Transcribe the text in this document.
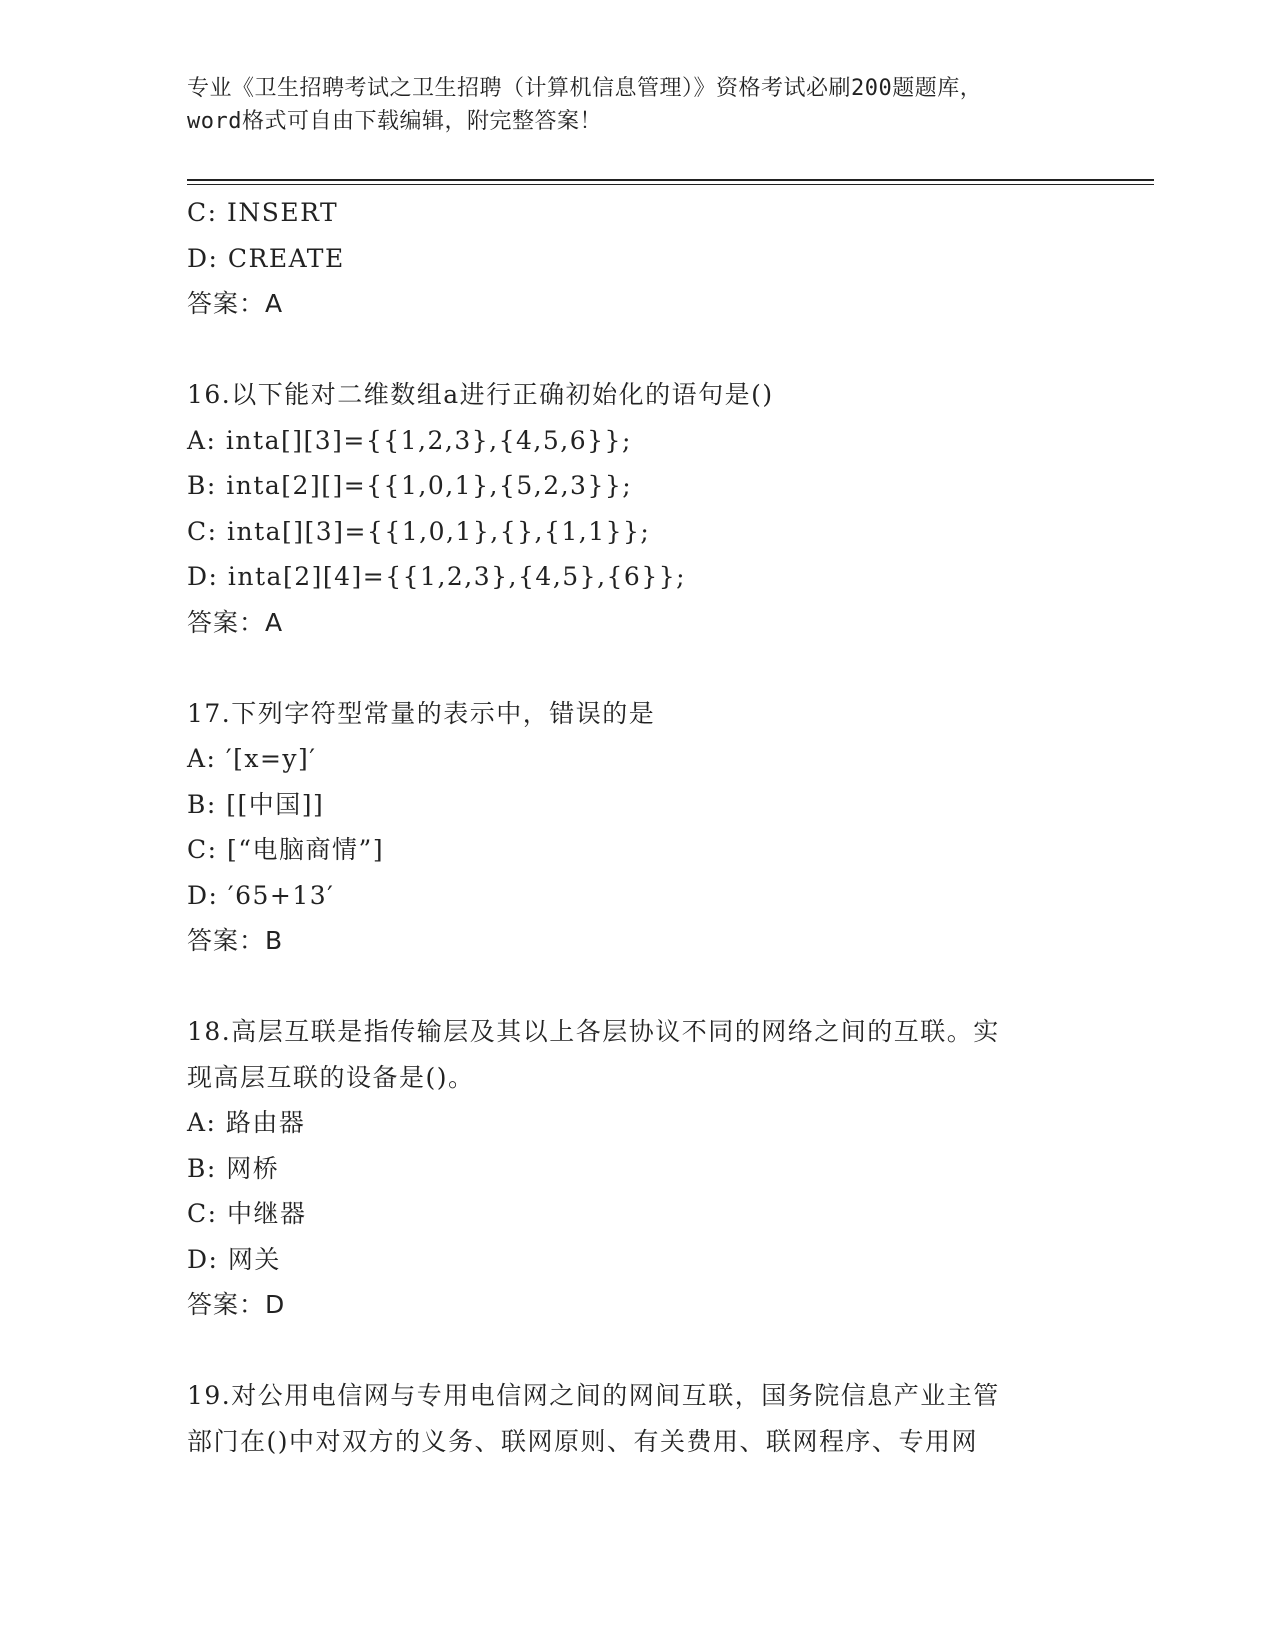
专业《卫生招聘考试之卫生招聘（计算机信息管理）》资格考试必刷200题题库，
word格式可自由下载编辑，附完整答案！
C: INSERT
D: CREATE
答案：A
16.以下能对二维数组a进行正确初始化的语句是()
A: inta[][3]={{1,2,3},{4,5,6}};
B: inta[2][]={{1,0,1},{5,2,3}};
C: inta[][3]={{1,0,1},{},{1,1}};
D: inta[2][4]={{1,2,3},{4,5},{6}};
答案：A
17.下列字符型常量的表示中，错误的是
A: ′[x=y]′
B: [[中国]]
C: [“电脑商情”]
D: ′65+13′
答案：B
18.高层互联是指传输层及其以上各层协议不同的网络之间的互联。实
现高层互联的设备是()。
A: 路由器
B: 网桥
C: 中继器
D: 网关
答案：D
19.对公用电信网与专用电信网之间的网间互联，国务院信息产业主管
部门在()中对双方的义务、联网原则、有关费用、联网程序、专用网
